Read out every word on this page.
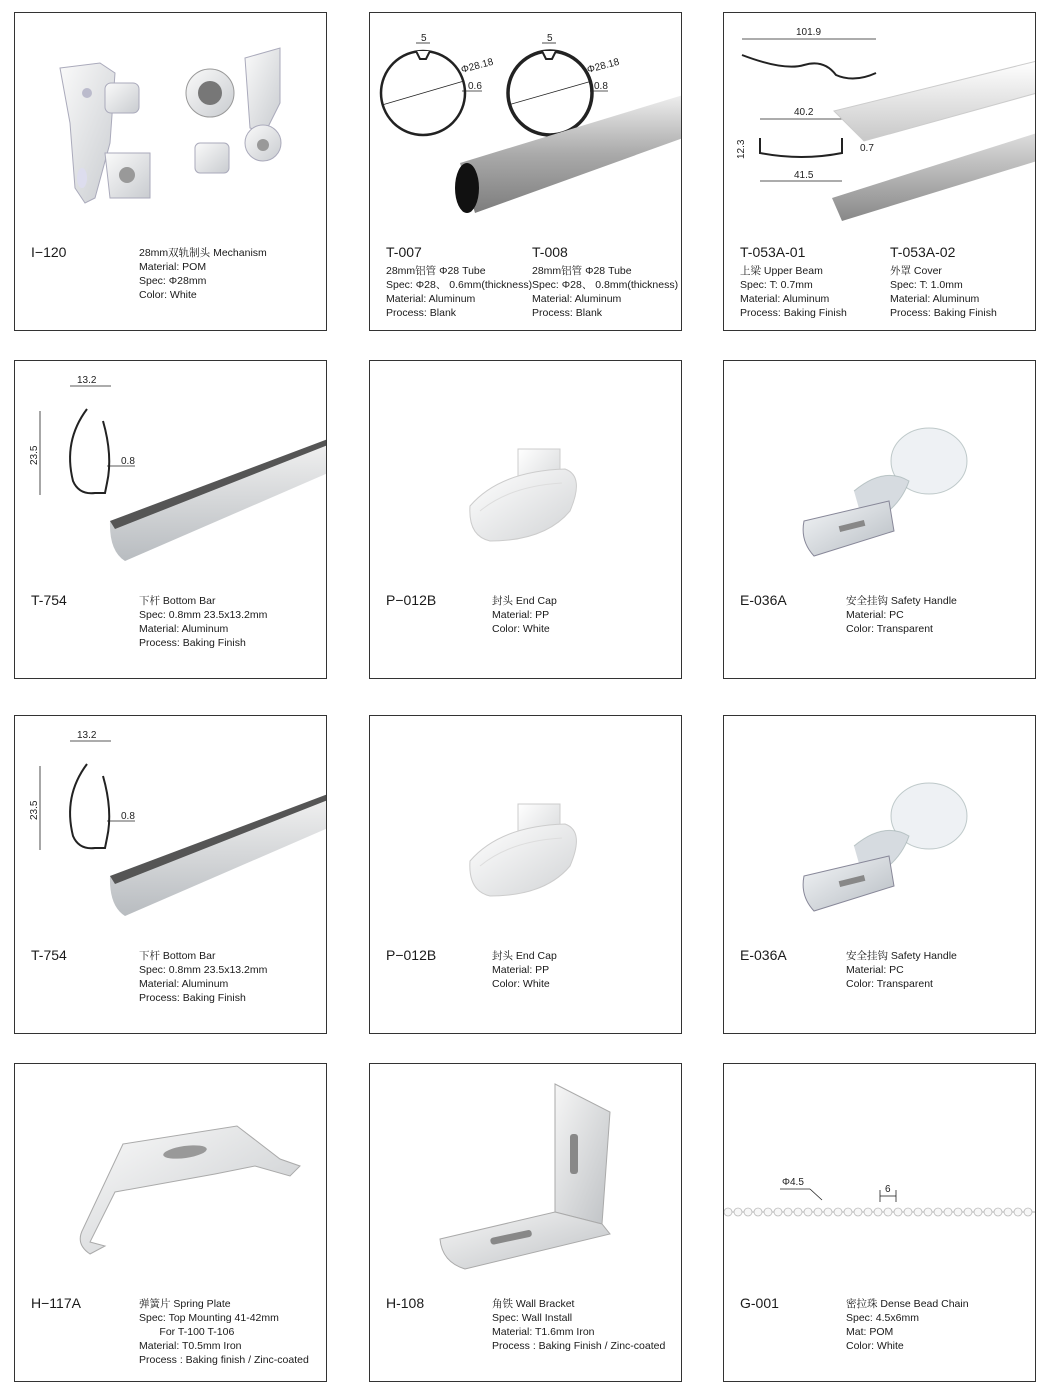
I−120	28mm双轨制头 Mechanism
Material: POM
Spec: Φ28mm
Color: White
5
Φ28.18
0.6
5
Φ28.18
0.8
T-007
28mm铝管 Φ28 Tube
Spec: Φ28、 0.6mm(thickness)
Material: Aluminum
Process: Blank
T-008
28mm铝管 Φ28 Tube
Spec: Φ28、 0.8mm(thickness)
Material: Aluminum
Process: Blank
101.9
40.2
12.3	0.7
41.5
T-053A-01
上梁 Upper Beam
Spec: T: 0.7mm
Material: Aluminum
Process: Baking Finish
T-053A-02
外罩 Cover
Spec: T: 1.0mm
Material: Aluminum
Process: Baking Finish
13.2
23.5	0.8
T-754	下杆 Bottom Bar
Spec: 0.8mm 23.5x13.2mm
Material: Aluminum
Process: Baking Finish
P−012B	封头 End Cap
Material: PP
Color: White
E-036A	安全挂钩 Safety Handle
Material: PC
Color: Transparent
13.2
23.5	0.8
T-754	下杆 Bottom Bar
Spec: 0.8mm 23.5x13.2mm
Material: Aluminum
Process: Baking Finish
P−012B	封头 End Cap
Material: PP
Color: White
E-036A	安全挂钩 Safety Handle
Material: PC
Color: Transparent
H−117A	弹簧片 Spring Plate
Spec: Top Mounting 41-42mm
For T-100 T-106
Material: T0.5mm Iron
Process : Baking finish / Zinc-coated
H-108	角铁 Wall Bracket
Spec: Wall Install
Material: T1.6mm Iron
Process : Baking Finish / Zinc-coated
Φ4.5
6
G-001	密拉珠 Dense Bead Chain
Spec: 4.5x6mm
Mat: POM
Color: White
